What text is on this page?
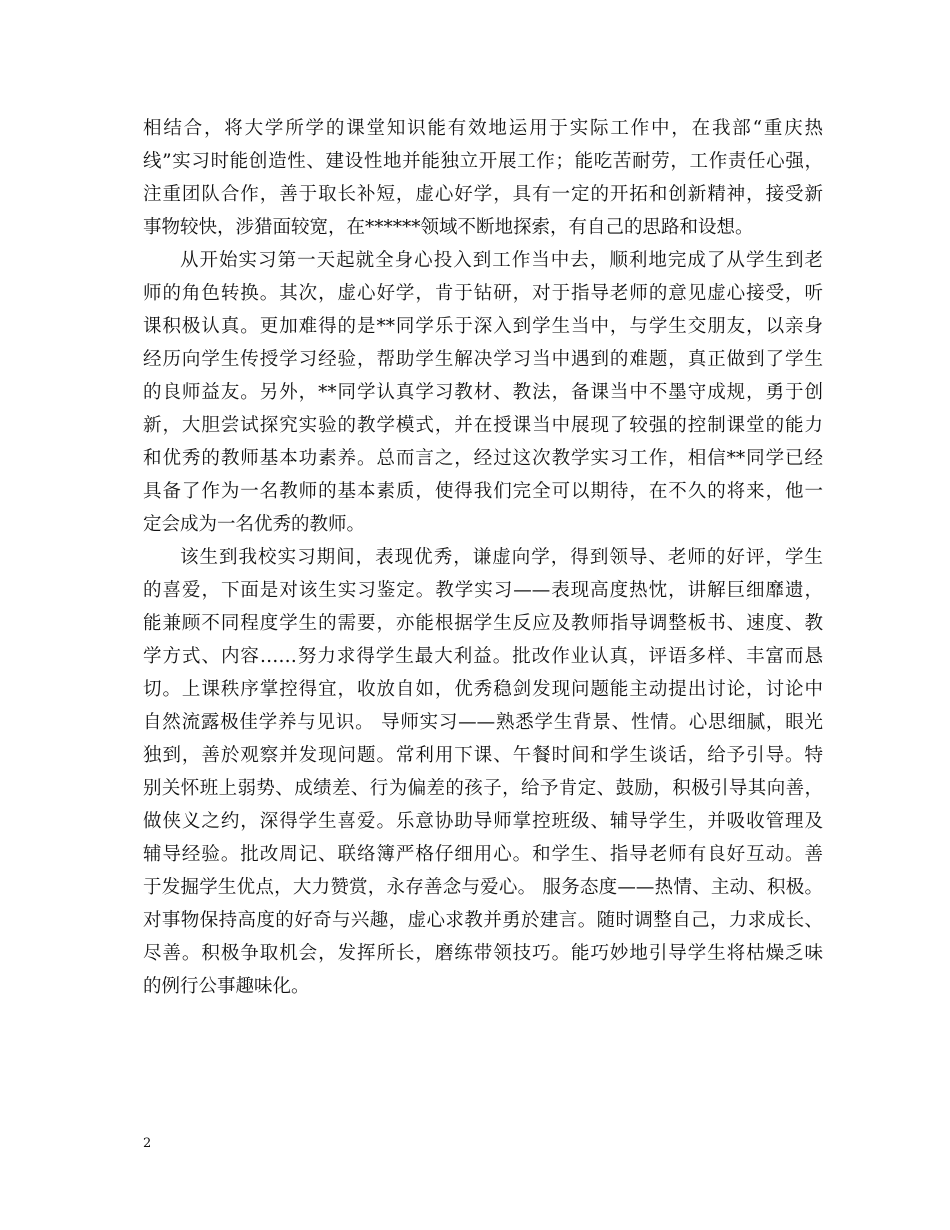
相结合，将大学所学的课堂知识能有效地运用于实际工作中，在我部“重庆热
线”实习时能创造性、建设性地并能独立开展工作；能吃苦耐劳，工作责任心强，
注重团队合作，善于取长补短，虚心好学，具有一定的开拓和创新精神，接受新
事物较快，涉猎面较宽，在******领域不断地探索，有自己的思路和设想。
从开始实习第一天起就全身心投入到工作当中去，顺利地完成了从学生到老
师的角色转换。其次，虚心好学，肯于钻研，对于指导老师的意见虚心接受，听
课积极认真。更加难得的是**同学乐于深入到学生当中，与学生交朋友，以亲身
经历向学生传授学习经验，帮助学生解决学习当中遇到的难题，真正做到了学生
的良师益友。另外，**同学认真学习教材、教法，备课当中不墨守成规，勇于创
新，大胆尝试探究实验的教学模式，并在授课当中展现了较强的控制课堂的能力
和优秀的教师基本功素养。总而言之，经过这次教学实习工作，相信**同学已经
具备了作为一名教师的基本素质，使得我们完全可以期待，在不久的将来，他一
定会成为一名优秀的教师。
该生到我校实习期间，表现优秀，谦虚向学，得到领导、老师的好评，学生
的喜爱，下面是对该生实习鉴定。教学实习——表现高度热忱，讲解巨细靡遗，
能兼顾不同程度学生的需要，亦能根据学生反应及教师指导调整板书、速度、教
学方式、内容……努力求得学生最大利益。批改作业认真，评语多样、丰富而恳
切。上课秩序掌控得宜，收放自如，优秀稳剑发现问题能主动提出讨论，讨论中
自然流露极佳学养与见识。 导师实习——熟悉学生背景、性情。心思细腻，眼光
独到，善於观察并发现问题。常利用下课、午餐时间和学生谈话，给予引导。特
别关怀班上弱势、成绩差、行为偏差的孩子，给予肯定、鼓励，积极引导其向善，
做侠义之约，深得学生喜爱。乐意协助导师掌控班级、辅导学生，并吸收管理及
辅导经验。批改周记、联络簿严格仔细用心。和学生、指导老师有良好互动。善
于发掘学生优点，大力赞赏，永存善念与爱心。 服务态度——热情、主动、积极。
对事物保持高度的好奇与兴趣，虚心求教并勇於建言。随时调整自己，力求成长、
尽善。积极争取机会，发挥所长，磨练带领技巧。能巧妙地引导学生将枯燥乏味
的例行公事趣味化。
2
